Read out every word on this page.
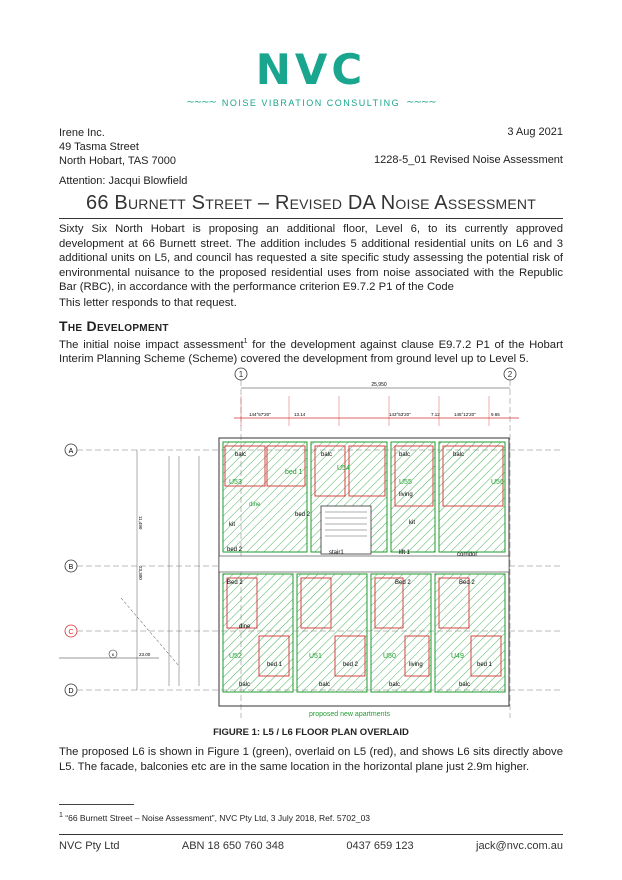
NVC
∼∼∼∼ NOISE VIBRATION CONSULTING ∼∼∼∼
Irene Inc.
49 Tasma Street
North Hobart, TAS 7000
Attention: Jacqui Blowfield
3 Aug 2021
1228-5_01 Revised Noise Assessment
66 Burnett Street – Revised DA Noise Assessment
Sixty Six North Hobart is proposing an additional floor, Level 6, to its currently approved development at 66 Burnett street. The addition includes 5 additional residential units on L6 and 3 additional units on L5, and council has requested a site specific study assessing the potential risk of environmental nuisance to the proposed residential uses from noise associated with the Republic Bar (RBC), in accordance with the performance criterion E9.7.2 P1 of the Code
This letter responds to that request.
The Development
The initial noise impact assessment$^1$ for the development against clause E9.7.2 P1 of the Hobart Interim Planning Scheme (Scheme) covered the development from ground level up to Level 5.
1	2
25,950
144°57'20"	13.14	143°53'20"	7.12	145°12'20"	9.65
A
B
C
D
11,490
23,300
23.00
6
balc
bed 1
U53
balc
U54
balc
U55
living
balc
U56
kit
dine
bed 2	stair1	lift 1	corridor
kit
bed 2
Bed 2	Bed 2	Bed 2
dine
U52	U51	U50	U49
bed 1	bed 2	living	bed 1
balc	balc	balc	balc
proposed new apartments
FIGURE 1: L5 / L6 FLOOR PLAN OVERLAID
The proposed L6 is shown in Figure 1 (green), overlaid on L5 (red), and shows L6 sits directly above L5. The facade, balconies etc are in the same location in the horizontal plane just 2.9m higher.
$^1$ “66 Burnett Street – Noise Assessment”, NVC Pty Ltd, 3 July 2018, Ref. 5702_03
NVC Pty Ltd	ABN 18 650 760 348	0437 659 123	jack@nvc.com.au
